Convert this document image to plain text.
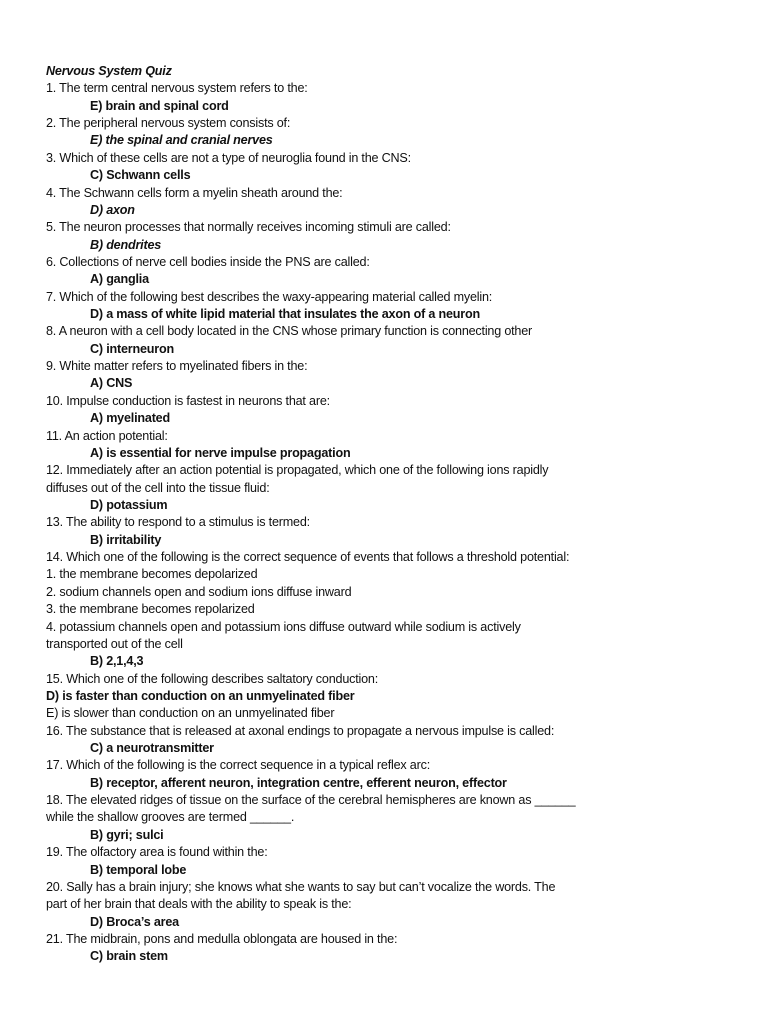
Nervous System Quiz
1. The term central nervous system refers to the:
E) brain and spinal cord
2. The peripheral nervous system consists of:
E) the spinal and cranial nerves
3. Which of these cells are not a type of neuroglia found in the CNS:
C) Schwann cells
4. The Schwann cells form a myelin sheath around the:
D) axon
5. The neuron processes that normally receives incoming stimuli are called:
B) dendrites
6. Collections of nerve cell bodies inside the PNS are called:
A) ganglia
7. Which of the following best describes the waxy-appearing material called myelin:
D) a mass of white lipid material that insulates the axon of a neuron
8. A neuron with a cell body located in the CNS whose primary function is connecting other
C) interneuron
9. White matter refers to myelinated fibers in the:
A) CNS
10. Impulse conduction is fastest in neurons that are:
A) myelinated
11. An action potential:
A) is essential for nerve impulse propagation
12. Immediately after an action potential is propagated, which one of the following ions rapidly
diffuses out of the cell into the tissue fluid:
D) potassium
13. The ability to respond to a stimulus is termed:
B) irritability
14. Which one of the following is the correct sequence of events that follows a threshold potential:
1. the membrane becomes depolarized
2. sodium channels open and sodium ions diffuse inward
3. the membrane becomes repolarized
4. potassium channels open and potassium ions diffuse outward while sodium is actively
transported out of the cell
B) 2,1,4,3
15. Which one of the following describes saltatory conduction:
D) is faster than conduction on an unmyelinated fiber
E) is slower than conduction on an unmyelinated fiber
16. The substance that is released at axonal endings to propagate a nervous impulse is called:
C) a neurotransmitter
17. Which of the following is the correct sequence in a typical reflex arc:
B) receptor, afferent neuron, integration centre, efferent neuron, effector
18. The elevated ridges of tissue on the surface of the cerebral hemispheres are known as ______
while the shallow grooves are termed ______.
B) gyri; sulci
19. The olfactory area is found within the:
B) temporal lobe
20. Sally has a brain injury; she knows what she wants to say but can’t vocalize the words. The
part of her brain that deals with the ability to speak is the:
D) Broca’s area
21. The midbrain, pons and medulla oblongata are housed in the:
C) brain stem
